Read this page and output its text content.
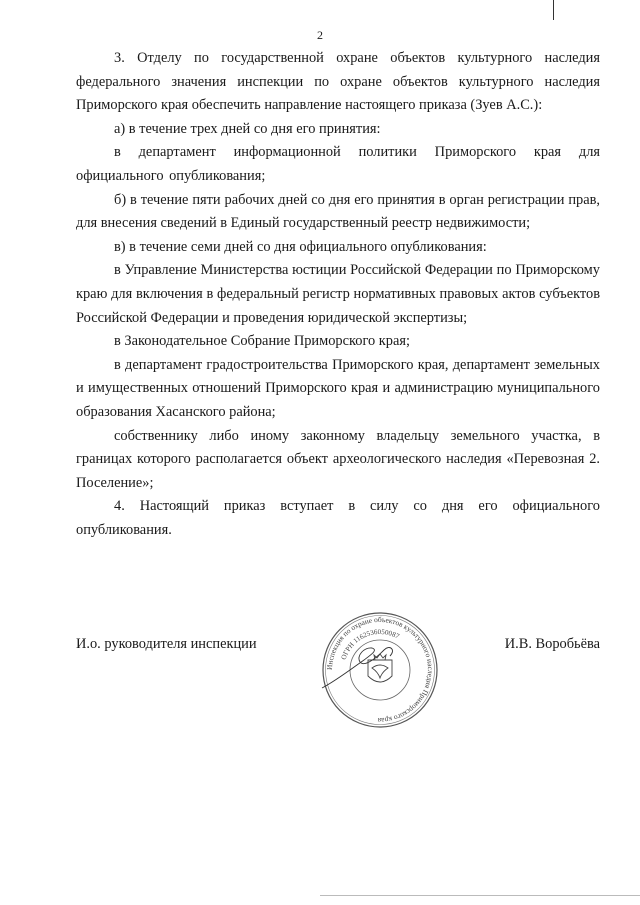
2

3. Отделу по государственной охране объектов культурного наследия федерального значения инспекции по охране объектов культурного наследия Приморского края обеспечить направление настоящего приказа (Зуев А.С.):

а) в течение трех дней со дня его принятия:

в департамент информационной политики Приморского края для официального опубликования;

б) в течение пяти рабочих дней со дня его принятия в орган регистрации прав, для внесения сведений в Единый государственный реестр недвижимости;

в) в течение семи дней со дня официального опубликования:

в Управление Министерства юстиции Российской Федерации по Приморскому краю для включения в федеральный регистр нормативных правовых актов субъектов Российской Федерации и проведения юридической экспертизы;

в Законодательное Собрание Приморского края;

в департамент градостроительства Приморского края, департамент земельных и имущественных отношений Приморского края и администрацию муниципального образования Хасанского района;

собственнику либо иному законному владельцу земельного участка, в границах которого располагается объект археологического наследия «Перевозная 2. Поселение»;

4. Настоящий приказ вступает в силу со дня его официального опубликования.

И.о. руководителя инспекции	И.В. Воробьёва
Инспекция по охране объектов культурного наследия Приморского края
ОГРН 1162536050087
